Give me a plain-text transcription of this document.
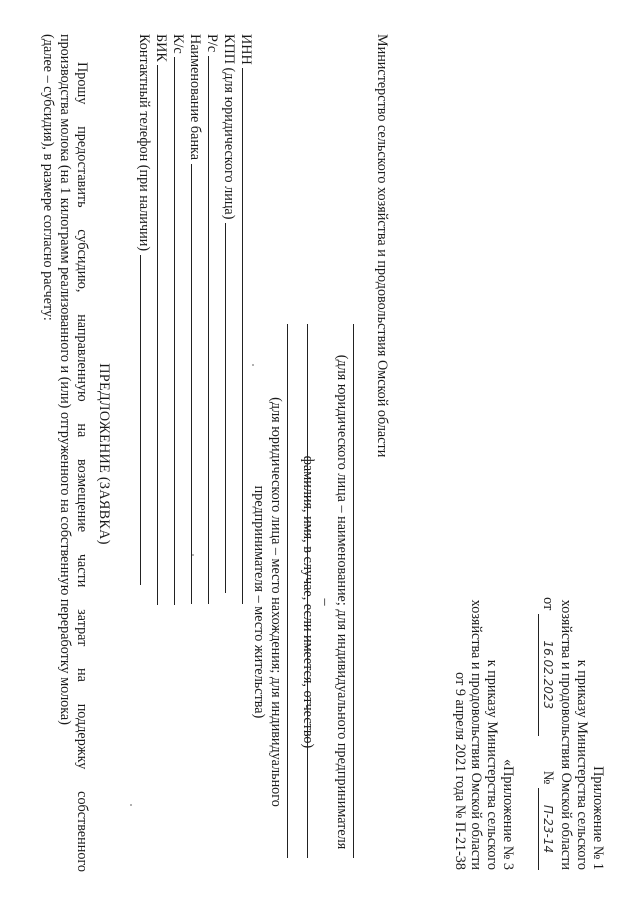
Приложение № 1
к приказу Министерства сельского
хозяйства и продовольствия Омской области
от 16.02.2023  № П-23-14
«Приложение № 3
к приказу Министерства сельского
хозяйства и продовольствия Омской области
от 9 апреля 2021 года № П-21-38
Министерство сельского хозяйства и продовольствия Омской области
(для юридического лица – наименование; для индивидуального предпринимателя –
фамилия, имя, в случае, если имеется, отчество)
(для юридического лица – место нахождения; для индивидуального
предпринимателя – место жительства)
ИНН
КПП (для юридического лица)
Р/с
Наименование банка
К/с
БИК
Контактный телефон (при наличии)
ПРЕДЛОЖЕНИЕ (ЗАЯВКА)
Прошу предоставить субсидию, направленную на возмещение части затрат на поддержку собственного
производства молока (на 1 килограмм реализованного и (или) отгруженного на собственную переработку молока)
(далее – субсидия), в размере согласно расчету:
